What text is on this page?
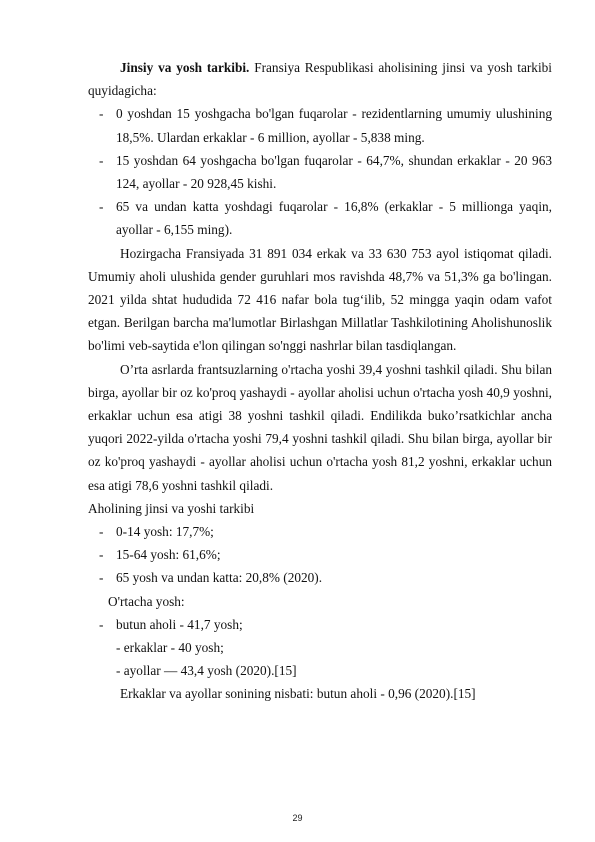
Jinsiy va yosh tarkibi. Fransiya Respublikasi aholisining jinsi va yosh tarkibi quyidagicha:

- 0 yoshdan 15 yoshgacha bo'lgan fuqarolar - rezidentlarning umumiy ulushining 18,5%. Ulardan erkaklar - 6 million, ayollar - 5,838 ming.

- 15 yoshdan 64 yoshgacha bo'lgan fuqarolar - 64,7%, shundan erkaklar - 20 963 124, ayollar - 20 928,45 kishi.

- 65 va undan katta yoshdagi fuqarolar - 16,8% (erkaklar - 5 millionga yaqin, ayollar - 6,155 ming).

Hozirgacha Fransiyada 31 891 034 erkak va 33 630 753 ayol istiqomat qiladi. Umumiy aholi ulushida gender guruhlari mos ravishda 48,7% va 51,3% ga bo'lingan. 2021 yilda shtat hududida 72 416 nafar bola tug‘ilib, 52 mingga yaqin odam vafot etgan. Berilgan barcha ma'lumotlar Birlashgan Millatlar Tashkilotining Aholishunoslik bo'limi veb-saytida e'lon qilingan so'nggi nashrlar bilan tasdiqlangan.

O’rta asrlarda frantsuzlarning o'rtacha yoshi 39,4 yoshni tashkil qiladi. Shu bilan birga, ayollar bir oz ko'proq yashaydi - ayollar aholisi uchun o'rtacha yosh 40,9 yoshni, erkaklar uchun esa atigi 38 yoshni tashkil qiladi. Endilikda buko’rsatkichlar ancha yuqori 2022-yilda o'rtacha yoshi 79,4 yoshni tashkil qiladi. Shu bilan birga, ayollar bir oz ko'proq yashaydi - ayollar aholisi uchun o'rtacha yosh 81,2 yoshni, erkaklar uchun esa atigi 78,6 yoshni tashkil qiladi.

Aholining jinsi va yoshi tarkibi

- 0-14 yosh: 17,7%;

- 15-64 yosh: 61,6%;

- 65 yosh va undan katta: 20,8% (2020).

O'rtacha yosh:

- butun aholi - 41,7 yosh;

- erkaklar - 40 yosh;

- ayollar — 43,4 yosh (2020).[15]

Erkaklar va ayollar sonining nisbati: butun aholi - 0,96 (2020).[15]

29
